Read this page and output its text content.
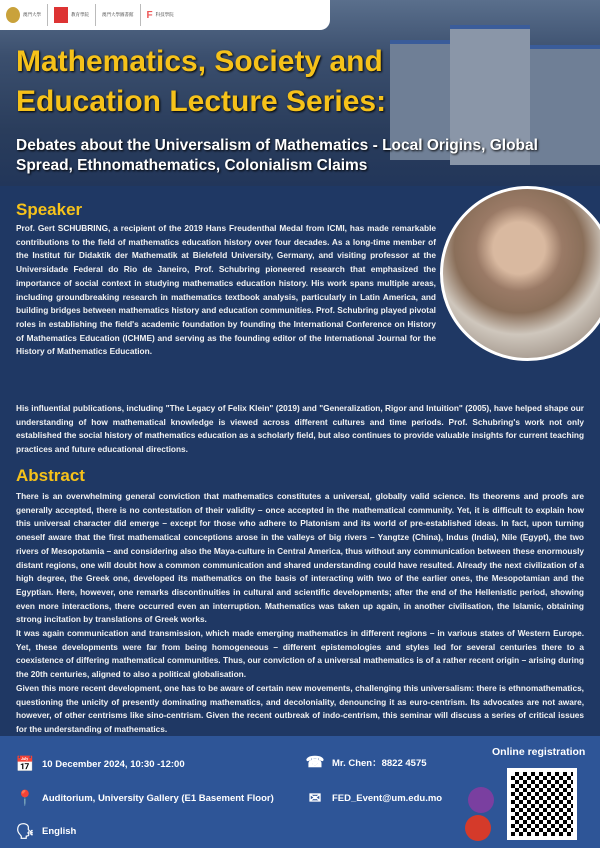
澳門大學	教育學院	澳門大學圖書館 F 科技學院
Mathematics, Society and
Education Lecture Series:
Debates about the Universalism of Mathematics - Local Origins, Global Spread, Ethnomathematics, Colonialism Claims
Speaker
Prof. Gert SCHUBRING, a recipient of the 2019 Hans Freudenthal Medal from ICMI, has made remarkable contributions to the field of mathematics education history over four decades. As a long-time member of the Institut für Didaktik der Mathematik at Bielefeld University, Germany, and visiting professor at the Universidade Federal do Rio de Janeiro, Prof. Schubring pioneered research that emphasized the importance of social context in studying mathematics education history. His work spans multiple areas, including groundbreaking research in mathematics textbook analysis, particularly in Latin America, and building bridges between mathematics history and education communities. Prof. Schubring played pivotal roles in establishing the field's academic foundation by founding the International Conference on History of Mathematics Education (ICHME) and serving as the founding editor of the International Journal for the History of Mathematics Education.
His influential publications, including "The Legacy of Felix Klein" (2019) and "Generalization, Rigor and Intuition" (2005), have helped shape our understanding of how mathematical knowledge is viewed across different cultures and time periods. Prof. Schubring's work not only established the social history of mathematics education as a scholarly field, but also continues to provide valuable insights for current teaching practices and future educational directions.
Abstract

There is an overwhelming general conviction that mathematics constitutes a universal, globally valid science. Its theorems and proofs are generally accepted, there is no contestation of their validity – once accepted in the mathematical community. Yet, it is difficult to explain how this universal character did emerge – except for those who adhere to Platonism and its world of pre-established ideas. In fact, upon turning oneself aware that the first mathematical conceptions arose in the valleys of big rivers – Yangtze (China), Indus (India), Nile (Egypt), the two rivers of Mesopotamia – and considering also the Maya-culture in Central America, thus without any communication between these enormously distant regions, one will doubt how a common communication and shared understanding could have resulted. Already the next civilization of a high degree, the Greek one, developed its mathematics on the basis of interacting with two of the earlier ones, the Mesopotamian and the Egyptian. Here, however, one remarks discontinuities in cultural and scientific developments; after the end of the Hellenistic period, showing even more interactions, there occurred even an interruption. Mathematics was taken up again, in another civilisation, the Islamic, obtaining strong incitation by translations of Greek works.

It was again communication and transmission, which made emerging mathematics in different regions – in various states of Western Europe. Yet, these developments were far from being homogeneous – different epistemologies and styles led for several centuries there to a coexistence of differing mathematical communities. Thus, our conviction of a universal mathematics is of a rather recent origin – arising during the 20th centuries, aligned to also a political globalisation.

Given this more recent development, one has to be aware of certain new movements, challenging this universalism: there is ethnomathematics, questioning the unicity of presently dominating mathematics, and decoloniality, denouncing it as euro-centrism. Its advocates are not aware, however, of other centrisms like sino-centrism. Given the recent outbreak of indo-centrism, this seminar will discuss a series of critical issues for the understanding of mathematics.

📅 10 December 2024, 10:30 -12:00
📍 Auditorium, University Gallery (E1 Basement Floor)
🗣 English
☎ Mr. Chen：8822 4575
✉ FED_Event@um.edu.mo
Online registration
